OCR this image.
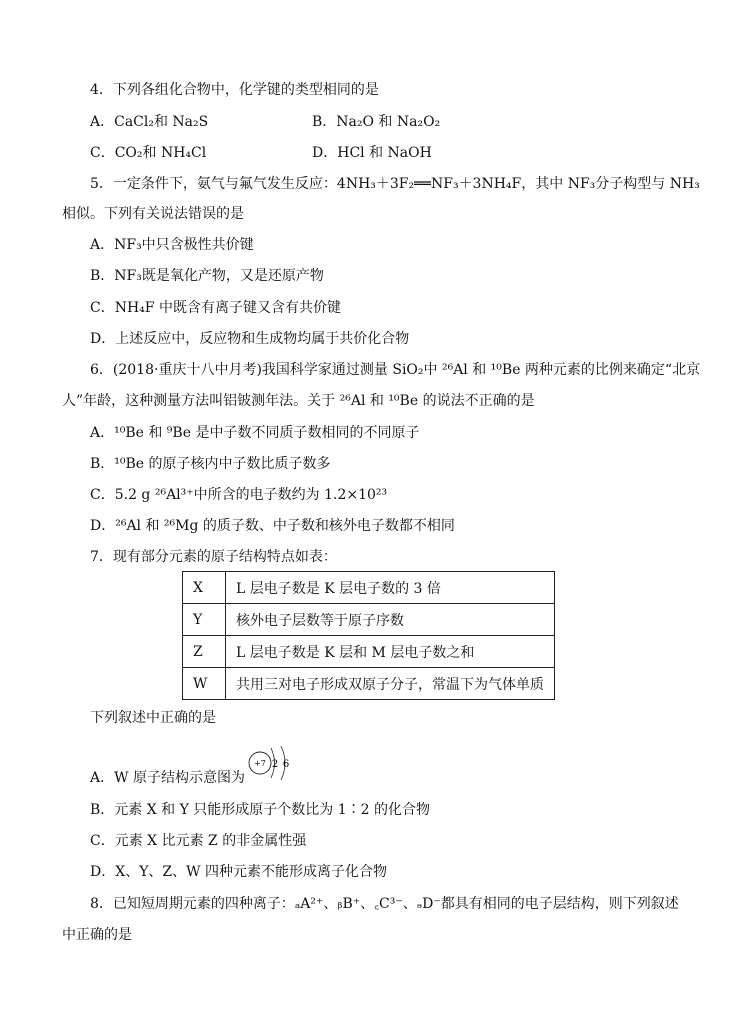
4．下列各组化合物中，化学键的类型相同的是
A．CaCl₂和 Na₂S	B．Na₂O 和 Na₂O₂
C．CO₂和 NH₄Cl	D．HCl 和 NaOH
5．一定条件下，氨气与氟气发生反应：4NH₃＋3F₂══NF₃＋3NH₄F，其中 NF₃分子构型与 NH₃
相似。下列有关说法错误的是
A．NF₃中只含极性共价键
B．NF₃既是氧化产物，又是还原产物
C．NH₄F 中既含有离子键又含有共价键
D．上述反应中，反应物和生成物均属于共价化合物
6．(2018·重庆十八中月考)我国科学家通过测量 SiO₂中 ²⁶Al 和 ¹⁰Be 两种元素的比例来确定“北京
人”年龄，这种测量方法叫铝铍测年法。关于 ²⁶Al 和 ¹⁰Be 的说法不正确的是
A．¹⁰Be 和 ⁹Be 是中子数不同质子数相同的不同原子
B．¹⁰Be 的原子核内中子数比质子数多
C．5.2 g ²⁶Al³⁺中所含的电子数约为 1.2×10²³
D．²⁶Al 和 ²⁶Mg 的质子数、中子数和核外电子数都不相同
7．现有部分元素的原子结构特点如表：
X	L 层电子数是 K 层电子数的 3 倍
Y	核外电子层数等于原子序数
Z	L 层电子数是 K 层和 M 层电子数之和
W	共用三对电子形成双原子分子，常温下为气体单质
下列叙述中正确的是
A．W 原子结构示意图为
+7 2 6
B．元素 X 和 Y 只能形成原子个数比为 1∶2 的化合物
C．元素 X 比元素 Z 的非金属性强
D．X、Y、Z、W 四种元素不能形成离子化合物
8．已知短周期元素的四种离子：ₐA²⁺、ᵦB⁺、꜀C³⁻、ₔD⁻都具有相同的电子层结构，则下列叙述
中正确的是
